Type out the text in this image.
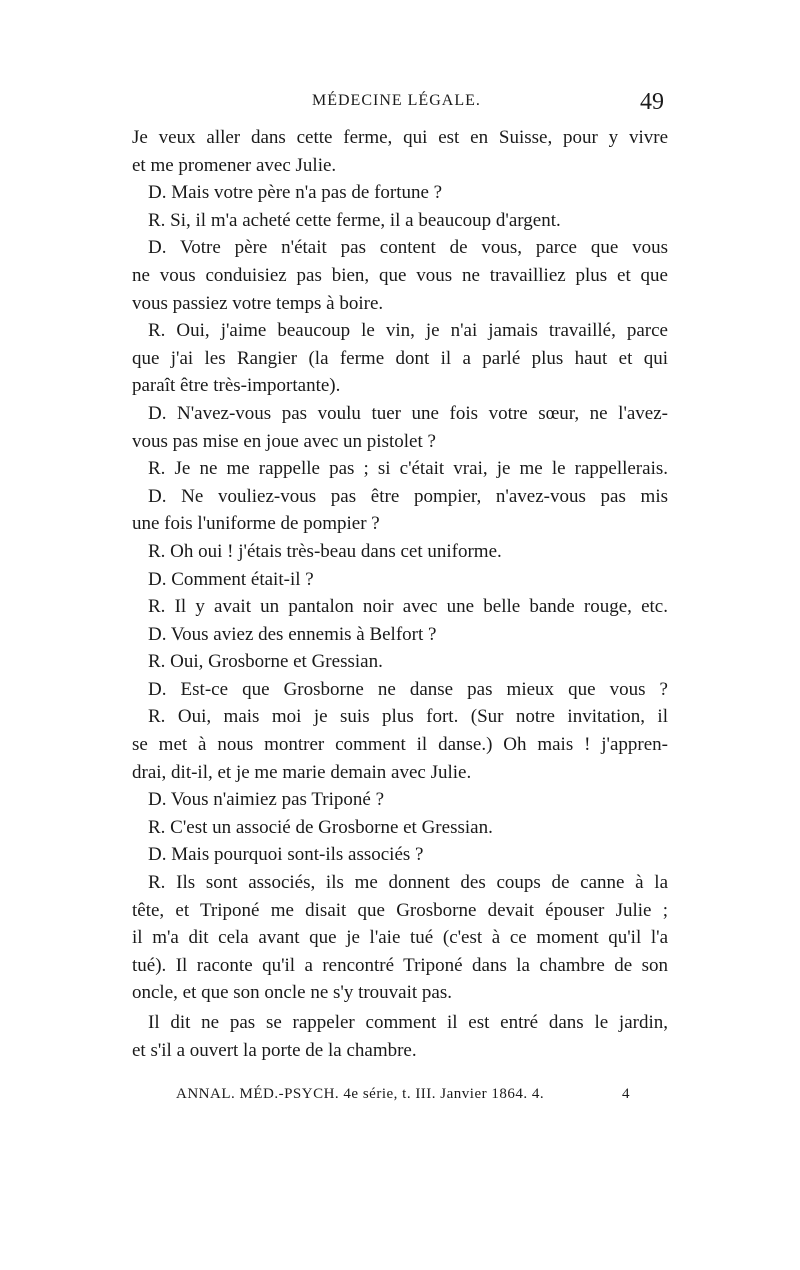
MÉDECINE LÉGALE.	49
Je veux aller dans cette ferme, qui est en Suisse, pour y vivre
et me promener avec Julie.
D. Mais votre père n'a pas de fortune ?
R. Si, il m'a acheté cette ferme, il a beaucoup d'argent.
D. Votre père n'était pas content de vous, parce que vous
ne vous conduisiez pas bien, que vous ne travailliez plus et que
vous passiez votre temps à boire.
R. Oui, j'aime beaucoup le vin, je n'ai jamais travaillé, parce
que j'ai les Rangier (la ferme dont il a parlé plus haut et qui
paraît être très-importante).
D. N'avez-vous pas voulu tuer une fois votre sœur, ne l'avez-
vous pas mise en joue avec un pistolet ?
R. Je ne me rappelle pas ; si c'était vrai, je me le rappellerais.
D. Ne vouliez-vous pas être pompier, n'avez-vous pas mis
une fois l'uniforme de pompier ?
R. Oh oui ! j'étais très-beau dans cet uniforme.
D. Comment était-il ?
R. Il y avait un pantalon noir avec une belle bande rouge, etc.
D. Vous aviez des ennemis à Belfort ?
R. Oui, Grosborne et Gressian.
D. Est-ce que Grosborne ne danse pas mieux que vous ?
R. Oui, mais moi je suis plus fort. (Sur notre invitation, il
se met à nous montrer comment il danse.) Oh mais ! j'appren-
drai, dit-il, et je me marie demain avec Julie.
D. Vous n'aimiez pas Triponé ?
R. C'est un associé de Grosborne et Gressian.
D. Mais pourquoi sont-ils associés ?
R. Ils sont associés, ils me donnent des coups de canne à la
tête, et Triponé me disait que Grosborne devait épouser Julie ;
il m'a dit cela avant que je l'aie tué (c'est à ce moment qu'il l'a
tué). Il raconte qu'il a rencontré Triponé dans la chambre de son
oncle, et que son oncle ne s'y trouvait pas.
Il dit ne pas se rappeler comment il est entré dans le jardin,
et s'il a ouvert la porte de la chambre.
ANNAL. MÉD.-PSYCH. 4e série, t. III. Janvier 1864. 4.	4
